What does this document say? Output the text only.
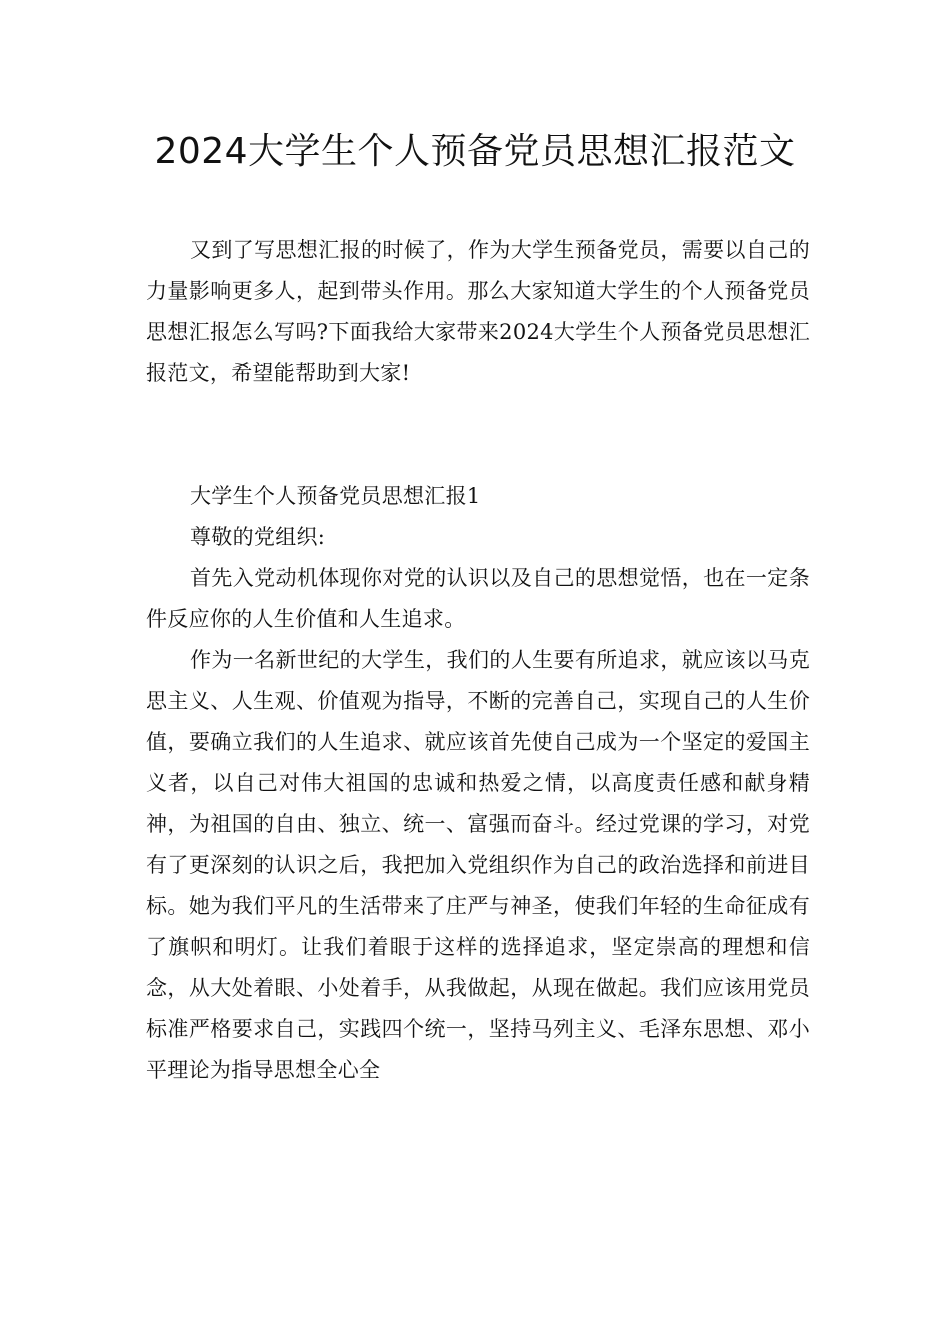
2024大学生个人预备党员思想汇报范文

又到了写思想汇报的时候了，作为大学生预备党员，需要以自己的力量影响更多人，起到带头作用。那么大家知道大学生的个人预备党员思想汇报怎么写吗?下面我给大家带来2024大学生个人预备党员思想汇报范文，希望能帮助到大家!

大学生个人预备党员思想汇报1

尊敬的党组织:

首先入党动机体现你对党的认识以及自己的思想觉悟，也在一定条件反应你的人生价值和人生追求。

作为一名新世纪的大学生，我们的人生要有所追求，就应该以马克思主义、人生观、价值观为指导，不断的完善自己，实现自己的人生价值，要确立我们的人生追求、就应该首先使自己成为一个坚定的爱国主义者，以自己对伟大祖国的忠诚和热爱之情，以高度责任感和献身精神，为祖国的自由、独立、统一、富强而奋斗。经过党课的学习，对党有了更深刻的认识之后，我把加入党组织作为自己的政治选择和前进目标。她为我们平凡的生活带来了庄严与神圣，使我们年轻的生命征成有了旗帜和明灯。让我们着眼于这样的选择追求，坚定崇高的理想和信念，从大处着眼、小处着手，从我做起，从现在做起。我们应该用党员标准严格要求自己，实践四个统一，坚持马列主义、毛泽东思想、邓小平理论为指导思想全心全
